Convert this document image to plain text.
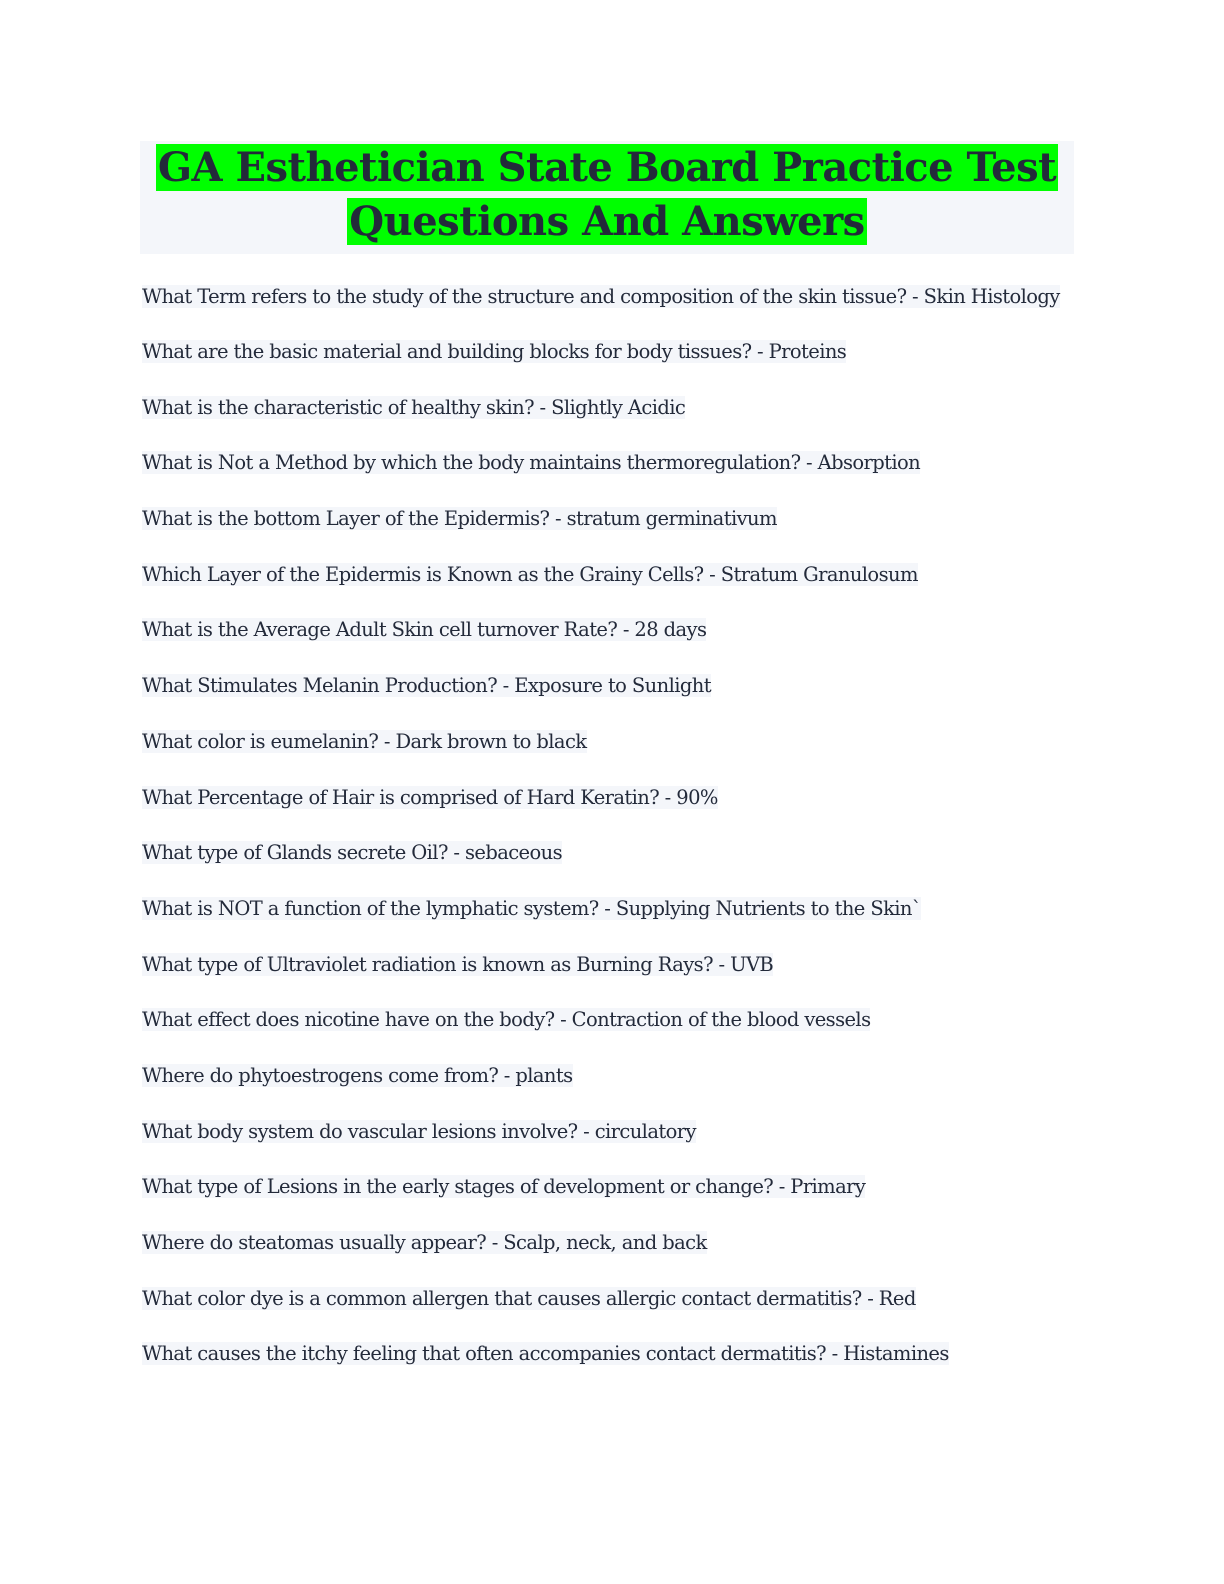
GA Esthetician State Board Practice Test
Questions And Answers
What Term refers to the study of the structure and composition of the skin tissue? - Skin Histology
What are the basic material and building blocks for body tissues? - Proteins
What is the characteristic of healthy skin? - Slightly Acidic
What is Not a Method by which the body maintains thermoregulation? - Absorption
What is the bottom Layer of the Epidermis? - stratum germinativum
Which Layer of the Epidermis is Known as the Grainy Cells? - Stratum Granulosum
What is the Average Adult Skin cell turnover Rate? - 28 days
What Stimulates Melanin Production? - Exposure to Sunlight
What color is eumelanin? - Dark brown to black
What Percentage of Hair is comprised of Hard Keratin? - 90%
What type of Glands secrete Oil? - sebaceous
What is NOT a function of the lymphatic system? - Supplying Nutrients to the Skin`
What type of Ultraviolet radiation is known as Burning Rays? - UVB
What effect does nicotine have on the body? - Contraction of the blood vessels
Where do phytoestrogens come from? - plants
What body system do vascular lesions involve? - circulatory
What type of Lesions in the early stages of development or change? - Primary
Where do steatomas usually appear? - Scalp, neck, and back
What color dye is a common allergen that causes allergic contact dermatitis? - Red
What causes the itchy feeling that often accompanies contact dermatitis? - Histamines
